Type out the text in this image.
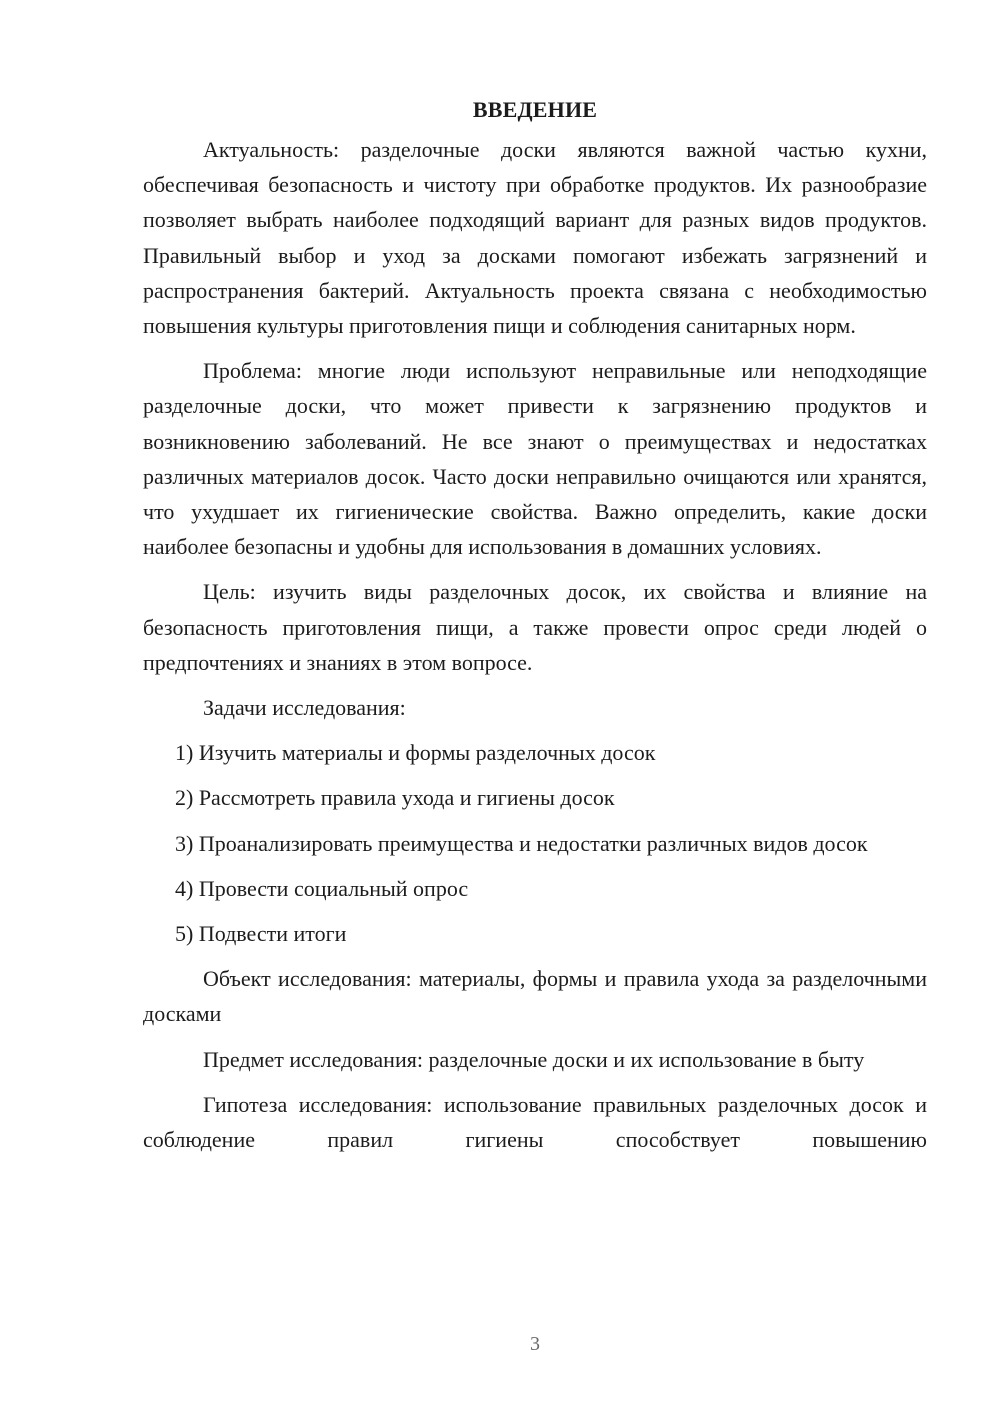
ВВЕДЕНИЕ

Актуальность: разделочные доски являются важной частью кухни, обеспечивая безопасность и чистоту при обработке продуктов. Их разнообразие позволяет выбрать наиболее подходящий вариант для разных видов продуктов. Правильный выбор и уход за досками помогают избежать загрязнений и распространения бактерий. Актуальность проекта связана с необходимостью повышения культуры приготовления пищи и соблюдения санитарных норм.

Проблема: многие люди используют неправильные или неподходящие разделочные доски, что может привести к загрязнению продуктов и возникновению заболеваний. Не все знают о преимуществах и недостатках различных материалов досок. Часто доски неправильно очищаются или хранятся, что ухудшает их гигиенические свойства. Важно определить, какие доски наиболее безопасны и удобны для использования в домашних условиях.

Цель: изучить виды разделочных досок, их свойства и влияние на безопасность приготовления пищи, а также провести опрос среди людей о предпочтениях и знаниях в этом вопросе.

Задачи исследования:

1) Изучить материалы и формы разделочных досок

2) Рассмотреть правила ухода и гигиены досок

3) Проанализировать преимущества и недостатки различных видов досок

4) Провести социальный опрос

5) Подвести итоги

Объект исследования: материалы, формы и правила ухода за разделочными досками

Предмет исследования: разделочные доски и их использование в быту

Гипотеза исследования: использование правильных разделочных досок и соблюдение правил гигиены способствует повышению

3
